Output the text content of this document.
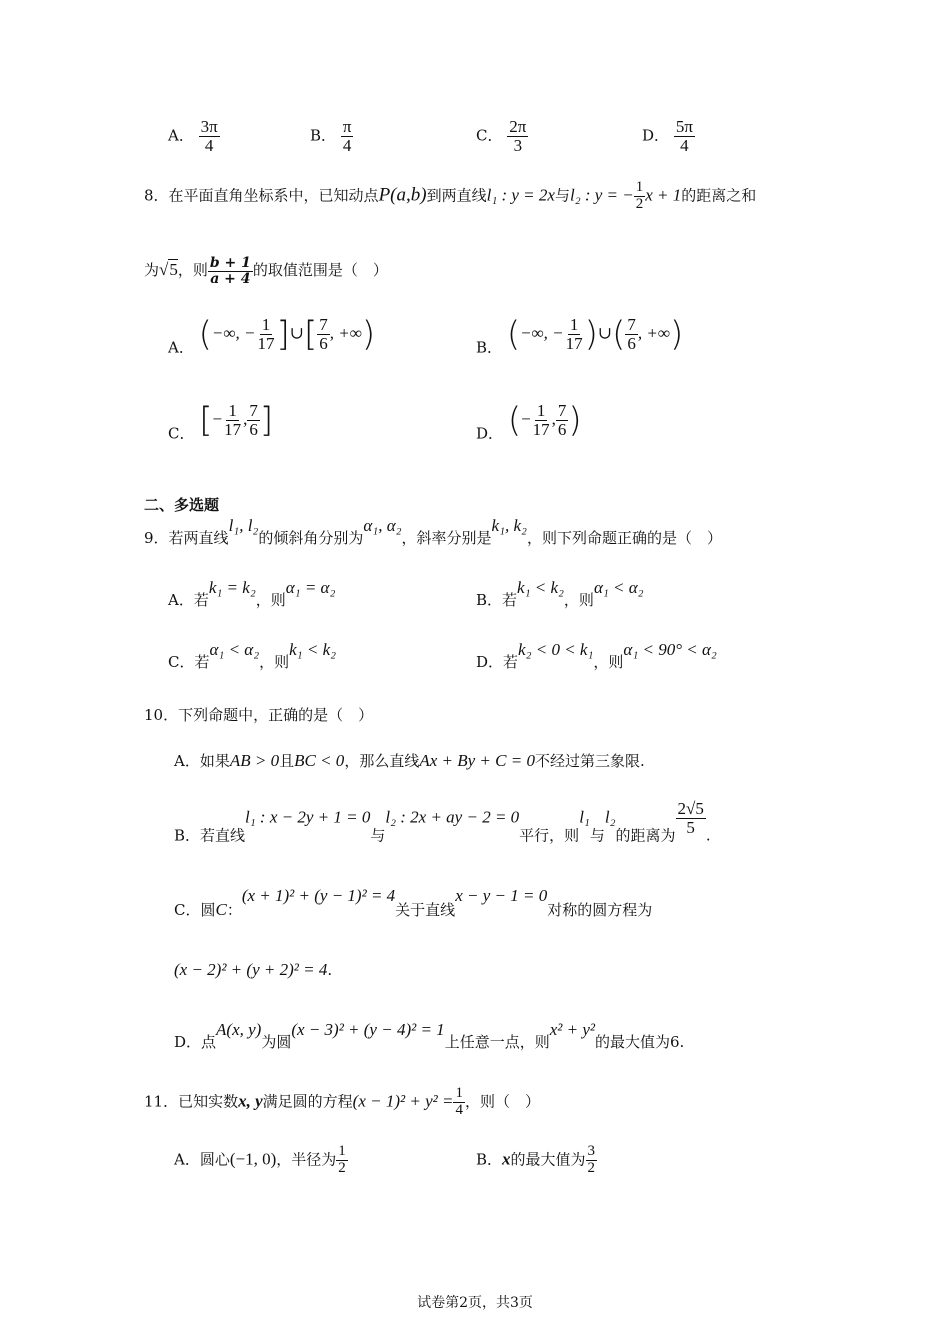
A． $\frac{3\pi}{4}$	B． $\frac{\pi}{4}$	C． $\frac{2\pi}{3}$	D． $\frac{5\pi}{4}$
8．在平面直角坐标系中，已知动点P(a,b)到两直线l₁ : y = 2x与l₂ : y = − $\frac{1}{2}$ x + 1的距离之和
为√5，则 $\frac{b + 1}{a + 4}$ 的取值范围是（　）
A． (−∞, − $\frac{1}{17}$ ]∪[ $\frac{7}{6}$ , +∞)	B． (−∞, − $\frac{1}{17}$ )∪( $\frac{7}{6}$ , +∞)
C． [− $\frac{1}{17}$ , $\frac{7}{6}$ ]	D． (− $\frac{1}{17}$ , $\frac{7}{6}$ )
二、多选题
9．若两直线l₁, l₂的倾斜角分别为α₁, α₂，斜率分别是k₁, k₂，则下列命题正确的是（　）
A．若k₁ = k₂，则α₁ = α₂
B．若k₁ < k₂，则α₁ < α₂
C．若α₁ < α₂，则k₁ < k₂
D．若k₂ < 0 < k₁，则α₁ < 90° < α₂
10．下列命题中，正确的是（　）
A．如果AB > 0且BC < 0，那么直线Ax + By + C = 0不经过第三象限.
B．若直线l₁ : x − 2y + 1 = 0与l₂ : 2x + ay − 2 = 0平行，则l₁与l₂的距离为 $\frac{2√5}{5}$ .
C．圆C：(x + 1)² + (y − 1)² = 4关于直线x − y − 1 = 0对称的圆方程为
(x − 2)² + (y + 2)² = 4.
D．点A(x, y)为圆(x − 3)² + (y − 4)² = 1上任意一点，则x² + y²的最大值为6.
11．已知实数x, y满足圆的方程$(x - 1)^2 + y^2 = \frac{1}{4}$ ，则（　）
A．圆心(−1, 0)，半径为 $\frac{1}{2}$	B．x的最大值为 $\frac{3}{2}$
试卷第2页，共3页
